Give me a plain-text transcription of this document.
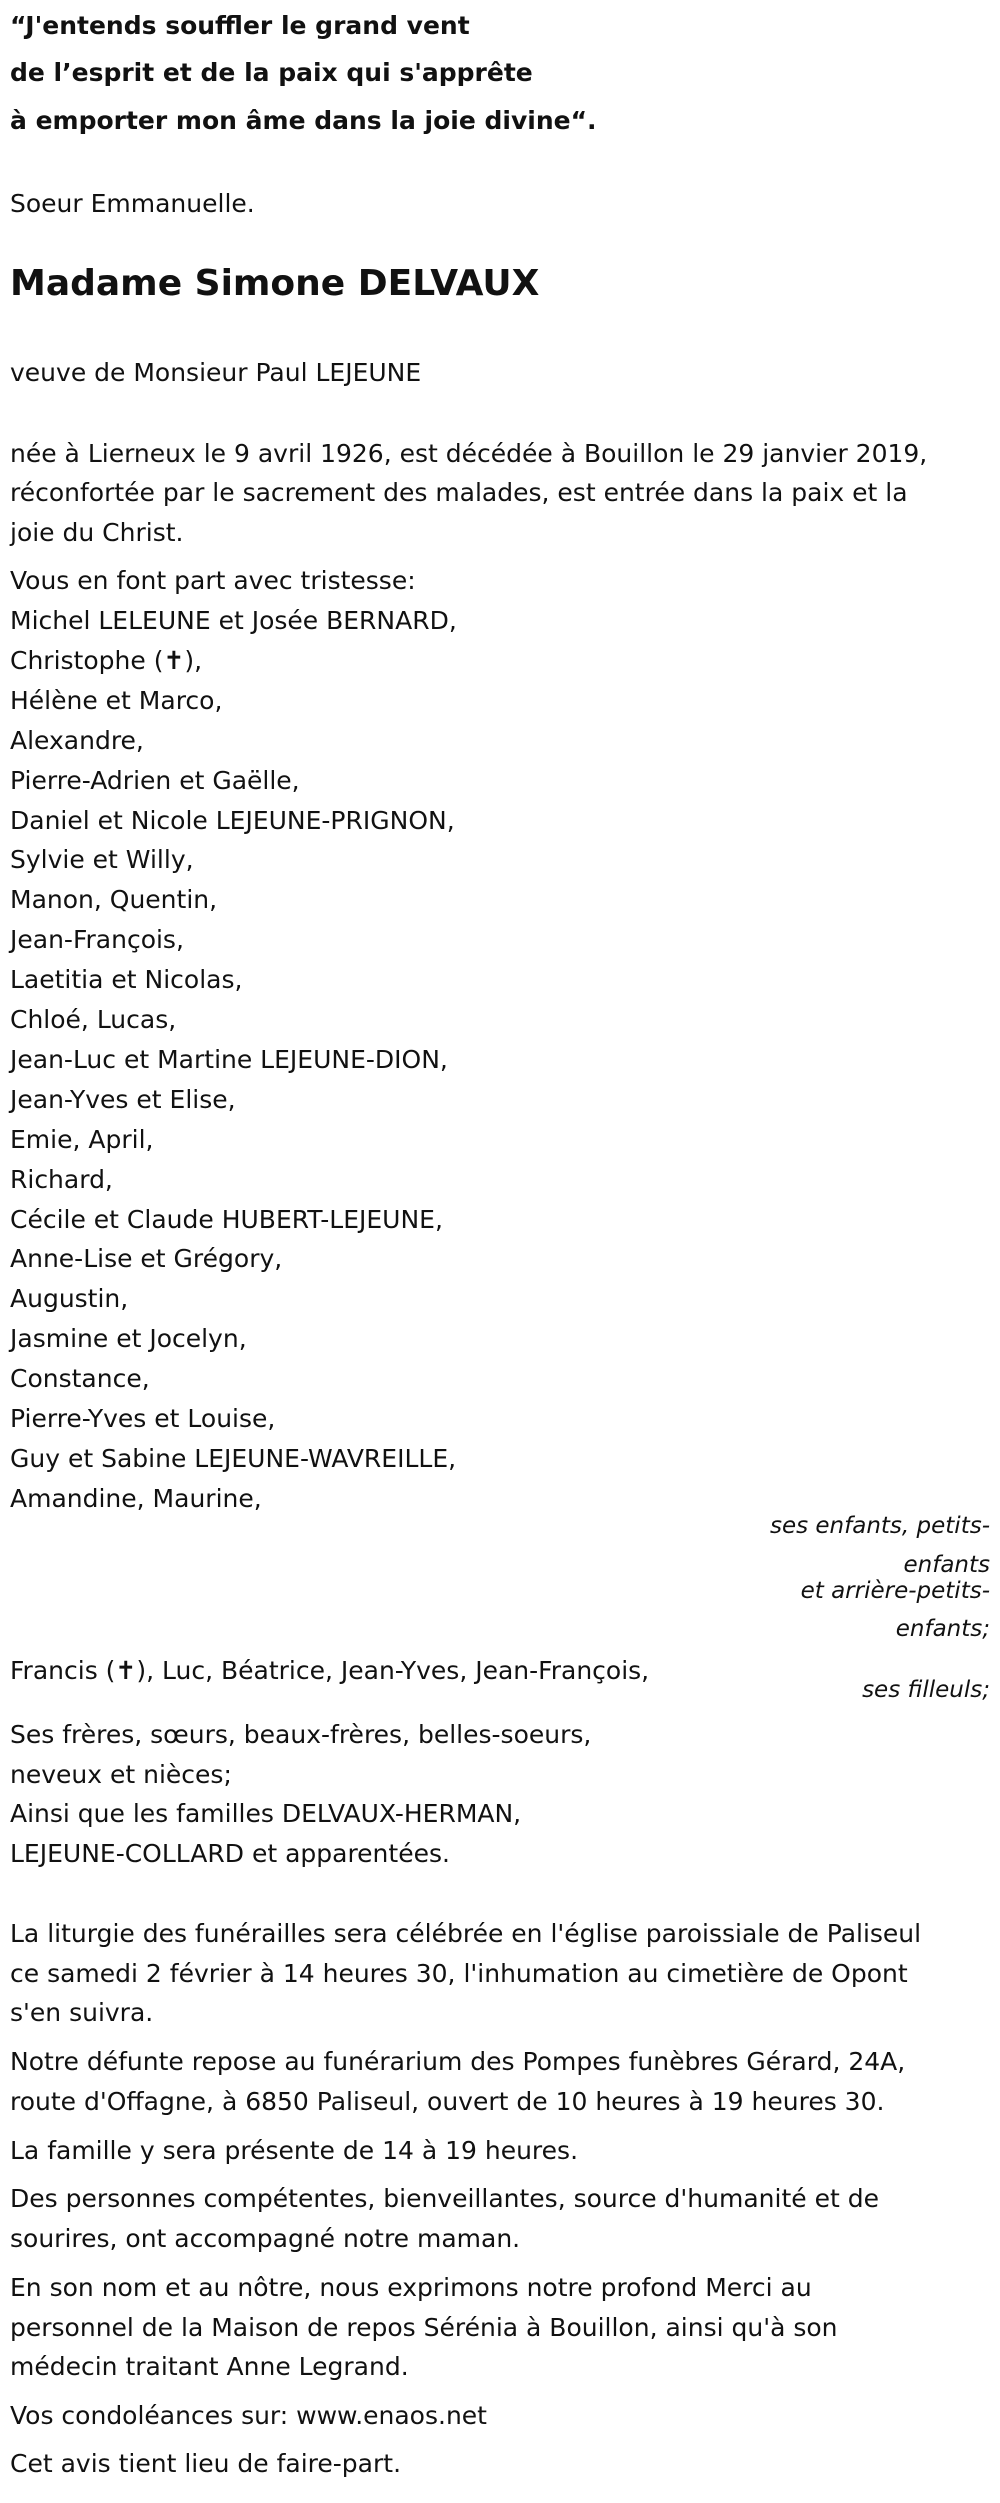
“J'entends souffler le grand vent
de l’esprit et de la paix qui s'apprête
à emporter mon âme dans la joie divine“.
Soeur Emmanuelle.
Madame Simone DELVAUX
veuve de Monsieur Paul LEJEUNE
née à Lierneux le 9 avril 1926, est décédée à Bouillon le 29 janvier 2019,
réconfortée par le sacrement des malades, est entrée dans la paix et la
joie du Christ.
Vous en font part avec tristesse:
Michel LELEUNE et Josée BERNARD,
Christophe (✝),
Hélène et Marco,
Alexandre,
Pierre-Adrien et Gaëlle,
Daniel et Nicole LEJEUNE-PRIGNON,
Sylvie et Willy,
Manon, Quentin,
Jean-François,
Laetitia et Nicolas,
Chloé, Lucas,
Jean-Luc et Martine LEJEUNE-DION,
Jean-Yves et Elise,
Emie, April,
Richard,
Cécile et Claude HUBERT-LEJEUNE,
Anne-Lise et Grégory,
Augustin,
Jasmine et Jocelyn,
Constance,
Pierre-Yves et Louise,
Guy et Sabine LEJEUNE-WAVREILLE,
Amandine, Maurine,
ses enfants, petits-
enfants
et arrière-petits-
enfants;
Francis (✝), Luc, Béatrice, Jean-Yves, Jean-François,
ses filleuls;
Ses frères, sœurs, beaux-frères, belles-soeurs,
neveux et nièces;
Ainsi que les familles DELVAUX-HERMAN,
LEJEUNE-COLLARD et apparentées.
La liturgie des funérailles sera célébrée en l'église paroissiale de Paliseul
ce samedi 2 février à 14 heures 30, l'inhumation au cimetière de Opont
s'en suivra.
Notre défunte repose au funérarium des Pompes funèbres Gérard, 24A,
route d'Offagne, à 6850 Paliseul, ouvert de 10 heures à 19 heures 30.
La famille y sera présente de 14 à 19 heures.
Des personnes compétentes, bienveillantes, source d'humanité et de
sourires, ont accompagné notre maman.
En son nom et au nôtre, nous exprimons notre profond Merci au
personnel de la Maison de repos Sérénia à Bouillon, ainsi qu'à son
médecin traitant Anne Legrand.
Vos condoléances sur: www.enaos.net
Cet avis tient lieu de faire-part.
